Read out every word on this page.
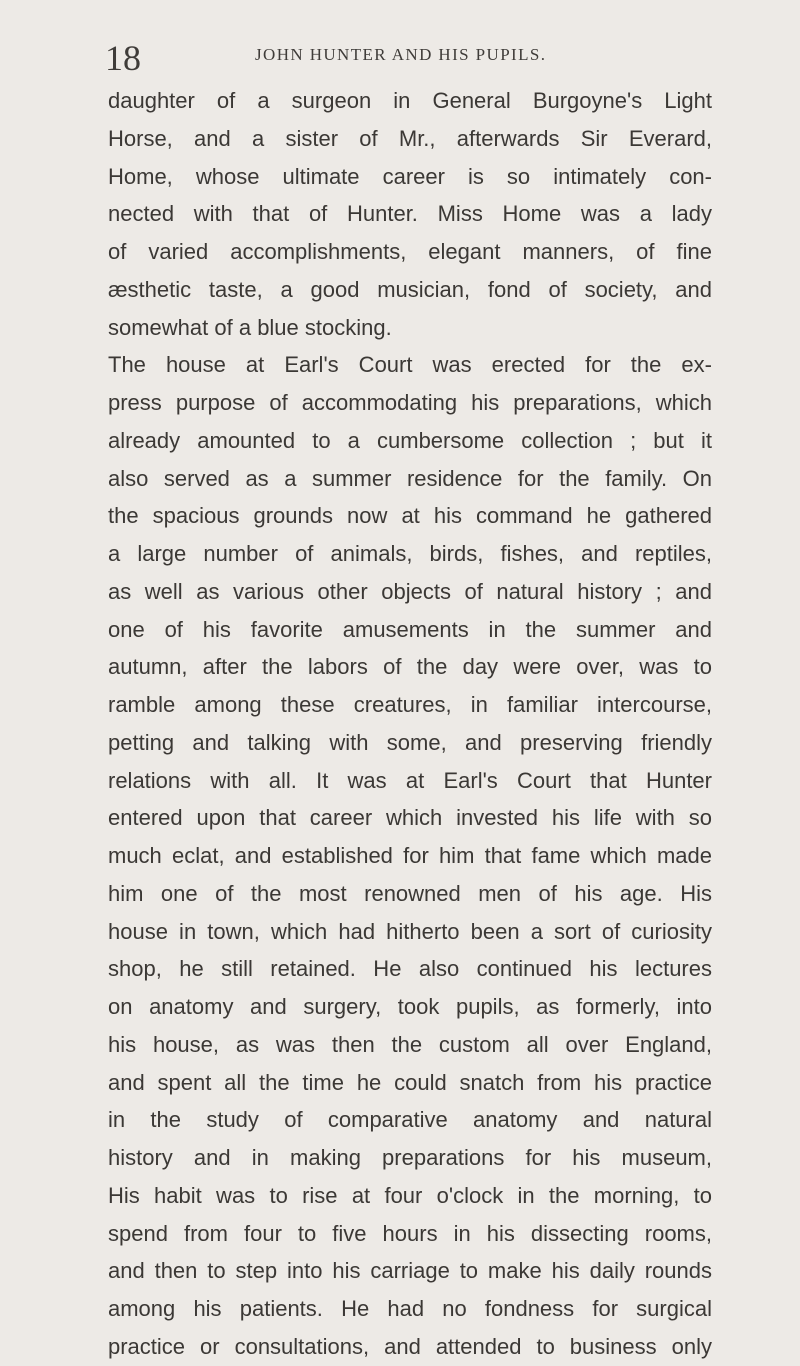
18	JOHN HUNTER AND HIS PUPILS.
daughter of a surgeon in General Burgoyne's Light
Horse, and a sister of Mr., afterwards Sir Everard,
Home, whose ultimate career is so intimately con-
nected with that of Hunter. Miss Home was a lady
of varied accomplishments, elegant manners, of fine
æsthetic taste, a good musician, fond of society, and
somewhat of a blue stocking.
The house at Earl's Court was erected for the ex-
press purpose of accommodating his preparations, which
already amounted to a cumbersome collection ; but it
also served as a summer residence for the family. On
the spacious grounds now at his command he gathered
a large number of animals, birds, fishes, and reptiles,
as well as various other objects of natural history ; and
one of his favorite amusements in the summer and
autumn, after the labors of the day were over, was to
ramble among these creatures, in familiar intercourse,
petting and talking with some, and preserving friendly
relations with all. It was at Earl's Court that Hunter
entered upon that career which invested his life with so
much eclat, and established for him that fame which made
him one of the most renowned men of his age. His
house in town, which had hitherto been a sort of curiosity
shop, he still retained. He also continued his lectures
on anatomy and surgery, took pupils, as formerly, into
his house, as was then the custom all over England,
and spent all the time he could snatch from his practice
in the study of comparative anatomy and natural
history and in making preparations for his museum,
His habit was to rise at four o'clock in the morning, to
spend from four to five hours in his dissecting rooms,
and then to step into his carriage to make his daily rounds
among his patients. He had no fondness for surgical
practice or consultations, and attended to business only
